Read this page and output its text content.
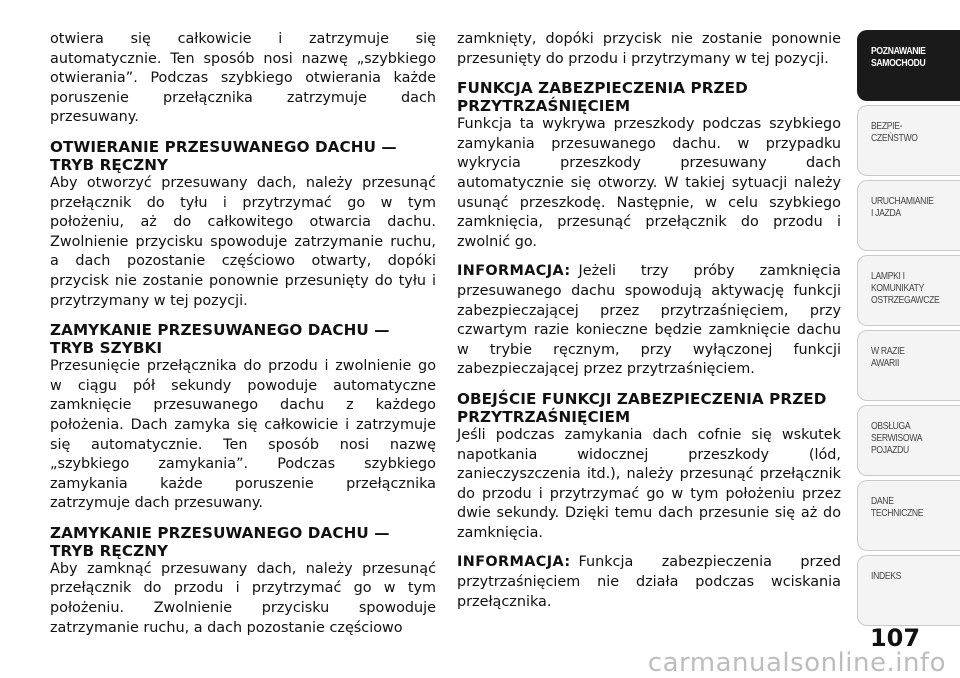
otwiera się całkowicie i zatrzymuje się automatycznie. Ten sposób nosi nazwę „szybkiego otwierania”. Podczas szybkiego otwierania każde poruszenie przełącznika zatrzymuje dach przesuwany.

OTWIERANIE PRZESUWANEGO DACHU — TRYB RĘCZNY

Aby otworzyć przesuwany dach, należy przesunąć przełącznik do tyłu i przytrzymać go w tym położeniu, aż do całkowitego otwarcia dachu. Zwolnienie przycisku spowoduje zatrzymanie ruchu, a dach pozostanie częściowo otwarty, dopóki przycisk nie zostanie ponownie przesunięty do tyłu i przytrzymany w tej pozycji.

ZAMYKANIE PRZESUWANEGO DACHU — TRYB SZYBKI

Przesunięcie przełącznika do przodu i zwolnienie go w ciągu pół sekundy powoduje automatyczne zamknięcie przesuwanego dachu z każdego położenia. Dach zamyka się całkowicie i zatrzymuje się automatycznie. Ten sposób nosi nazwę „szybkiego zamykania”. Podczas szybkiego zamykania każde poruszenie przełącznika zatrzymuje dach przesuwany.

ZAMYKANIE PRZESUWANEGO DACHU — TRYB RĘCZNY

Aby zamknąć przesuwany dach, należy przesunąć przełącznik do przodu i przytrzymać go w tym położeniu. Zwolnienie przycisku spowoduje zatrzymanie ruchu, a dach pozostanie częściowo

zamknięty, dopóki przycisk nie zostanie ponownie przesunięty do przodu i przytrzymany w tej pozycji.

FUNKCJA ZABEZPIECZENIA PRZED PRZYTRZAŚNIĘCIEM

Funkcja ta wykrywa przeszkody podczas szybkiego zamykania przesuwanego dachu. w przypadku wykrycia przeszkody przesuwany dach automatycznie się otworzy. W takiej sytuacji należy usunąć przeszkodę. Następnie, w celu szybkiego zamknięcia, przesunąć przełącznik do przodu i zwolnić go.

INFORMACJA: Jeżeli trzy próby zamknięcia przesuwanego dachu spowodują aktywację funkcji zabezpieczającej przez przytrzaśnięciem, przy czwartym razie konieczne będzie zamknięcie dachu w trybie ręcznym, przy wyłączonej funkcji zabezpieczającej przez przytrzaśnięciem.

OBEJŚCIE FUNKCJI ZABEZPIECZENIA PRZED PRZYTRZAŚNIĘCIEM

Jeśli podczas zamykania dach cofnie się wskutek napotkania widocznej przeszkody (lód, zanieczyszczenia itd.), należy przesunąć przełącznik do przodu i przytrzymać go w tym położeniu przez dwie sekundy. Dzięki temu dach przesunie się aż do zamknięcia.

INFORMACJA: Funkcja zabezpieczenia przed przytrzaśnięciem nie działa podczas wciskania przełącznika.

POZNAWANIE
SAMOCHODU
BEZPIE-
CZEŃSTWO
URUCHAMIANIE
I JAZDA
LAMPKI I
KOMUNIKATY
OSTRZEGAWCZE
W RAZIE
AWARII
OBSŁUGA
SERWISOWA
POJAZDU
DANE
TECHNICZNE
INDEKS
107
carmanualsonline.info
